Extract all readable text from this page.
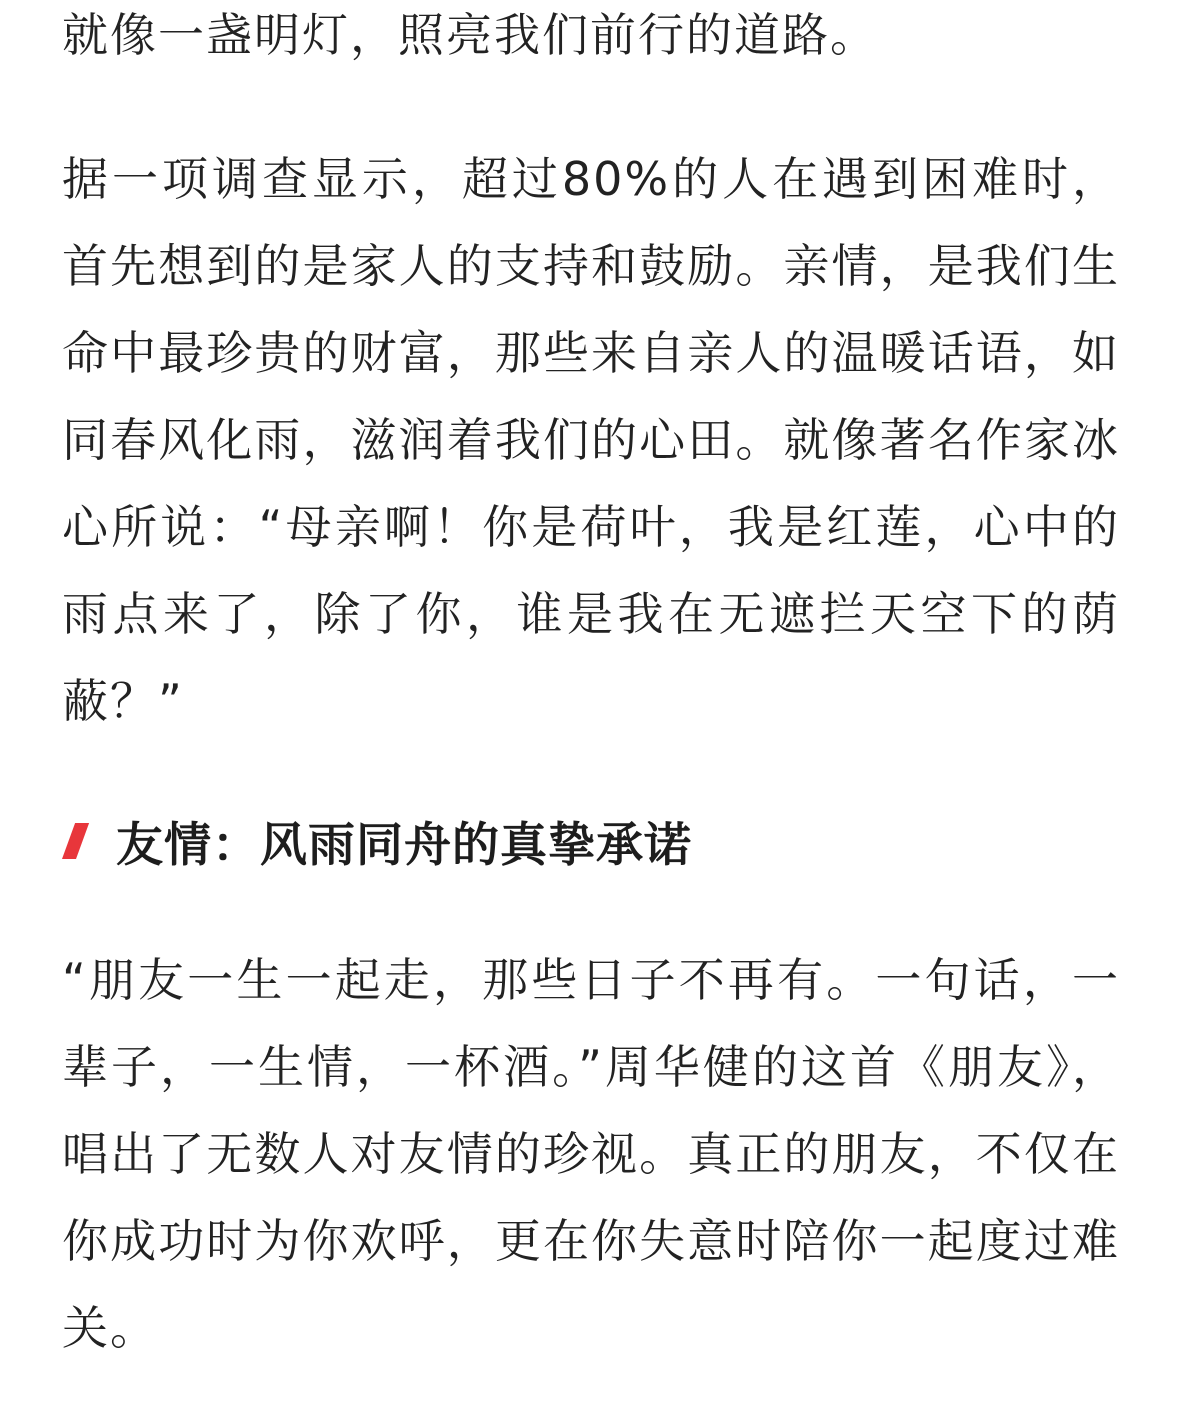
就像一盏明灯，照亮我们前行的道路。

据一项调查显示，超过80%的人在遇到困难时，首先想到的是家人的支持和鼓励。亲情，是我们生命中最珍贵的财富，那些来自亲人的温暖话语，如同春风化雨，滋润着我们的心田。就像著名作家冰心所说：“母亲啊！你是荷叶，我是红莲，心中的雨点来了，除了你，谁是我在无遮拦天空下的荫蔽？”

友情：风雨同舟的真挚承诺

“朋友一生一起走，那些日子不再有。一句话，一辈子，一生情，一杯酒。”周华健的这首《朋友》，唱出了无数人对友情的珍视。真正的朋友，不仅在你成功时为你欢呼，更在你失意时陪你一起度过难关。
